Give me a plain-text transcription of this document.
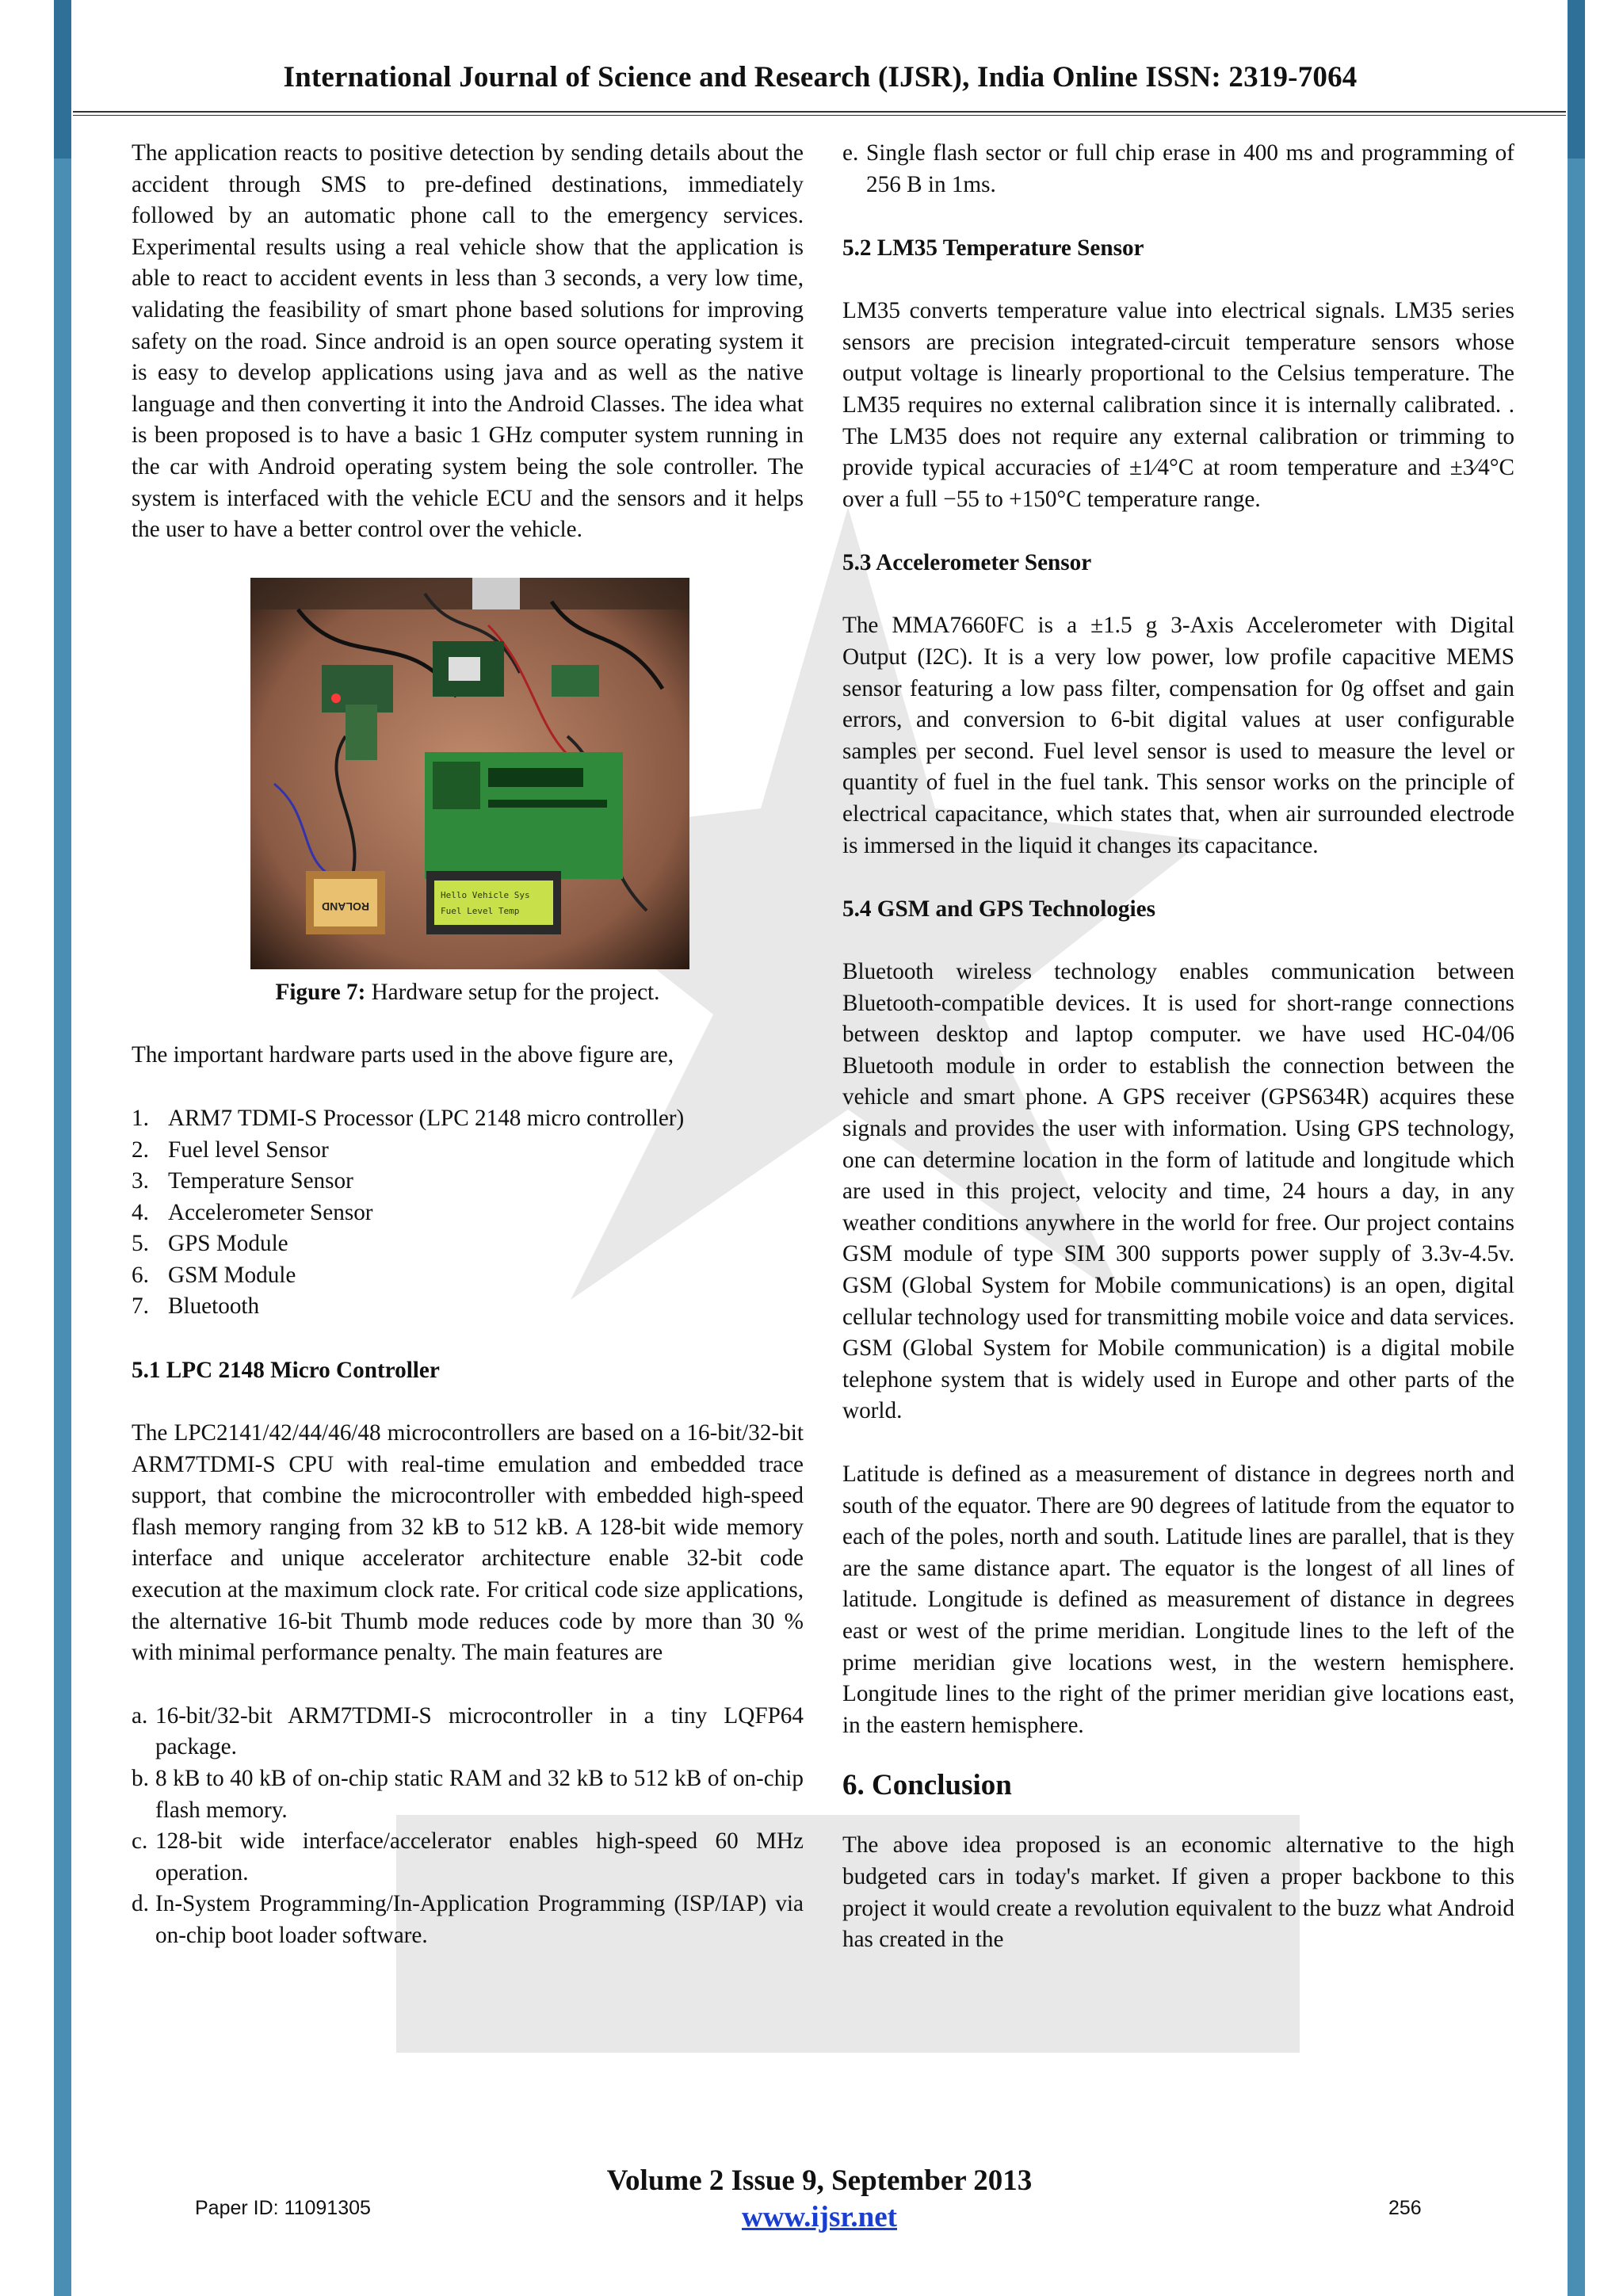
International Journal of Science and Research (IJSR), India Online ISSN: 2319-7064

The application reacts to positive detection by sending details about the accident through SMS to pre-defined destinations, immediately followed by an automatic phone call to the emergency services. Experimental results using a real vehicle show that the application is able to react to accident events in less than 3 seconds, a very low time, validating the feasibility of smart phone based solutions for improving safety on the road. Since android is an open source operating system it is easy to develop applications using java and as well as the native language and then converting it into the Android Classes. The idea what is been proposed is to have a basic 1 GHz computer system running in the car with Android operating system being the sole controller. The system is interfaced with the vehicle ECU and the sensors and it helps the user to have a better control over the vehicle.

Hello Vehicle Sys
Fuel Level Temp
ROLAND
Figure 7: Hardware setup for the project.

The important hardware parts used in the above figure are,

1. ARM7 TDMI-S Processor (LPC 2148 micro controller)
2. Fuel level Sensor
3. Temperature Sensor
4. Accelerometer Sensor
5. GPS Module
6. GSM Module
7. Bluetooth
5.1 LPC 2148 Micro Controller

The LPC2141/42/44/46/48 microcontrollers are based on a 16-bit/32-bit ARM7TDMI-S CPU with real-time emulation and embedded trace support, that combine the microcontroller with embedded high-speed flash memory ranging from 32 kB to 512 kB. A 128-bit wide memory interface and unique accelerator architecture enable 32-bit code execution at the maximum clock rate. For critical code size applications, the alternative 16-bit Thumb mode reduces code by more than 30 % with minimal performance penalty. The main features are

a. 16-bit/32-bit ARM7TDMI-S microcontroller in a tiny LQFP64 package.
b. 8 kB to 40 kB of on-chip static RAM and 32 kB to 512 kB of on-chip flash memory.
c. 128-bit wide interface/accelerator enables high-speed 60 MHz operation.
d. In-System Programming/In-Application Programming (ISP/IAP) via on-chip boot loader software.
e. Single flash sector or full chip erase in 400 ms and programming of 256 B in 1ms.
5.2 LM35 Temperature Sensor

LM35 converts temperature value into electrical signals. LM35 series sensors are precision integrated-circuit temperature sensors whose output voltage is linearly proportional to the Celsius temperature. The LM35 requires no external calibration since it is internally calibrated. . The LM35 does not require any external calibration or trimming to provide typical accuracies of ±1⁄4°C at room temperature and ±3⁄4°C over a full −55 to +150°C temperature range.

5.3 Accelerometer Sensor

The MMA7660FC is a ±1.5 g 3-Axis Accelerometer with Digital Output (I2C). It is a very low power, low profile capacitive MEMS sensor featuring a low pass filter, compensation for 0g offset and gain errors, and conversion to 6-bit digital values at user configurable samples per second. Fuel level sensor is used to measure the level or quantity of fuel in the fuel tank. This sensor works on the principle of electrical capacitance, which states that, when air surrounded electrode is immersed in the liquid it changes its capacitance.

5.4 GSM and GPS Technologies

Bluetooth wireless technology enables communication between Bluetooth-compatible devices. It is used for short-range connections between desktop and laptop computer. we have used HC-04/06 Bluetooth module in order to establish the connection between the vehicle and smart phone. A GPS receiver (GPS634R) acquires these signals and provides the user with information. Using GPS technology, one can determine location in the form of latitude and longitude which are used in this project, velocity and time, 24 hours a day, in any weather conditions anywhere in the world for free. Our project contains GSM module of type SIM 300 supports power supply of 3.3v-4.5v. GSM (Global System for Mobile communications) is an open, digital cellular technology used for transmitting mobile voice and data services. GSM (Global System for Mobile communication) is a digital mobile telephone system that is widely used in Europe and other parts of the world.

Latitude is defined as a measurement of distance in degrees north and south of the equator. There are 90 degrees of latitude from the equator to each of the poles, north and south. Latitude lines are parallel, that is they are the same distance apart. The equator is the longest of all lines of latitude. Longitude is defined as measurement of distance in degrees east or west of the prime meridian. Longitude lines to the left of the prime meridian give locations west, in the western hemisphere. Longitude lines to the right of the primer meridian give locations east, in the eastern hemisphere.

6. Conclusion

The above idea proposed is an economic alternative to the high budgeted cars in today's market. If given a proper backbone to this project it would create a revolution equivalent to the buzz what Android has created in the

Volume 2 Issue 9, September 2013
www.ijsr.net
Paper ID: 11091305	256
